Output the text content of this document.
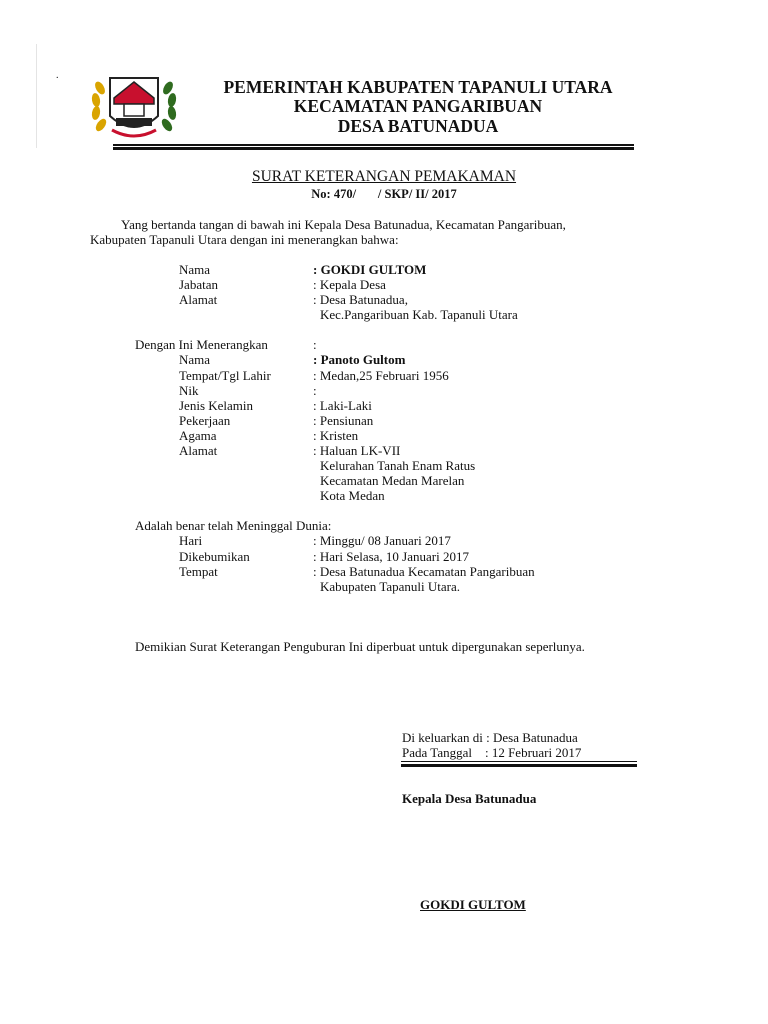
.
PEMERINTAH KABUPATEN TAPANULI UTARA
KECAMATAN PANGARIBUAN
DESA BATUNADUA
SURAT KETERANGAN PEMAKAMAN
No: 470/       / SKP/ II/ 2017
Yang bertanda tangan di bawah ini Kepala Desa Batunadua, Kecamatan Pangaribuan,
Kabupaten Tapanuli Utara dengan ini menerangkan bahwa:
Nama	: GOKDI GULTOM
Jabatan	: Kepala Desa
Alamat	: Desa Batunadua,
Kec.Pangaribuan Kab. Tapanuli Utara
Dengan Ini Menerangkan	:
Nama	: Panoto Gultom
Tempat/Tgl Lahir	: Medan,25 Februari 1956
Nik	:
Jenis Kelamin	: Laki-Laki
Pekerjaan	: Pensiunan
Agama	: Kristen
Alamat	: Haluan LK-VII
Kelurahan Tanah Enam Ratus
Kecamatan Medan Marelan
Kota Medan
Adalah benar telah Meninggal Dunia:
Hari	: Minggu/ 08 Januari 2017
Dikebumikan	: Hari Selasa, 10 Januari 2017
Tempat	: Desa Batunadua Kecamatan Pangaribuan
Kabupaten Tapanuli Utara.
Demikian Surat Keterangan Penguburan Ini diperbuat untuk dipergunakan seperlunya.
Di keluarkan di : Desa Batunadua
Pada Tanggal    : 12 Februari 2017
Kepala Desa Batunadua
GOKDI GULTOM
